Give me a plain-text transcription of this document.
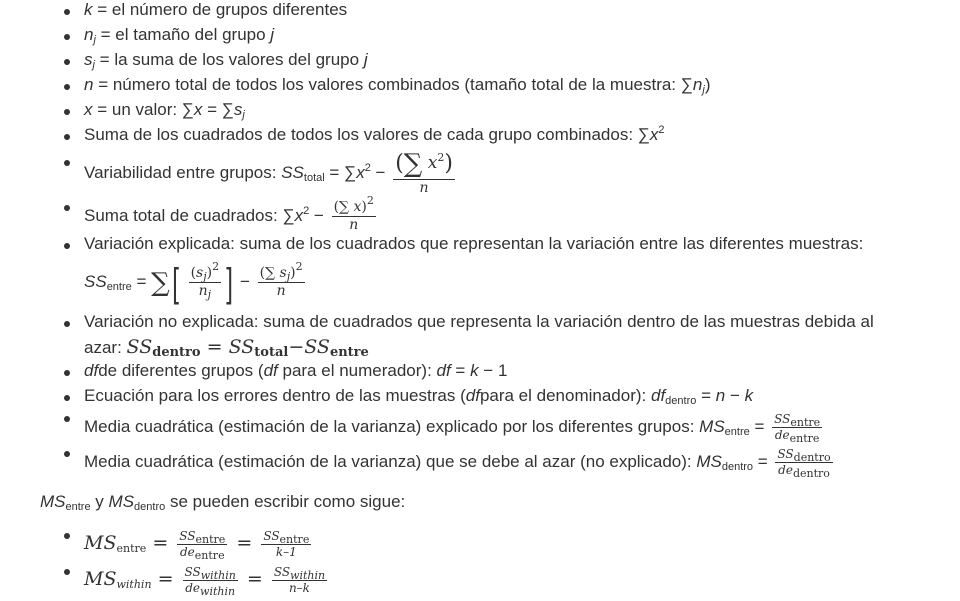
k = el número de grupos diferentes
$n_j$ = el tamaño del grupo j
$s_j$ = la suma de los valores del grupo j
n = número total de todos los valores combinados (tamaño total de la muestra: $\sum n_j$)
x = un valor: $\sum x = \sum s_j$
Suma de los cuadrados de todos los valores de cada grupo combinados: $\sum x^2$
Variabilidad entre grupos: $SS_{total} = \sum x^2 - \frac{(\sum x^2)}{n}$
Suma total de cuadrados: $\sum x^2 - \frac{(\sum x)^2}{n}$
Variación explicada: suma de los cuadrados que representan la variación entre las diferentes muestras:
$SS_{entre}$ = ∑[ $\frac{(s_j)^2}{n_j}$ ] − $\frac{(\sum s_j)^2}{n}$
Variación no explicada: suma de cuadrados que representa la variación dentro de las muestras debida al
azar: $SS_{dentro} = SS_{total}-SS_{entre}$
dfde diferentes grupos (df para el numerador): df = k − 1
Ecuación para los errores dentro de las muestras (dfpara el denominador): $df_{dentro} = n - k$
Media cuadrática (estimación de la varianza) explicado por los diferentes grupos: $MS_{entre} = \frac{SS_{entre}}{de_{entre}}$
Media cuadrática (estimación de la varianza) que se debe al azar (no explicado): $MS_{dentro} = \frac{SS_{dentro}}{de_{dentro}}$
$MS_{entre}$ y $MS_{dentro}$ se pueden escribir como sigue:
$MS_{entre} = \frac{SS_{entre}}{de_{entre}} = \frac{SS_{entre}}{k-1}$
$MS_{within} = \frac{SS_{within}}{de_{within}} = \frac{SS_{within}}{n-k}$
